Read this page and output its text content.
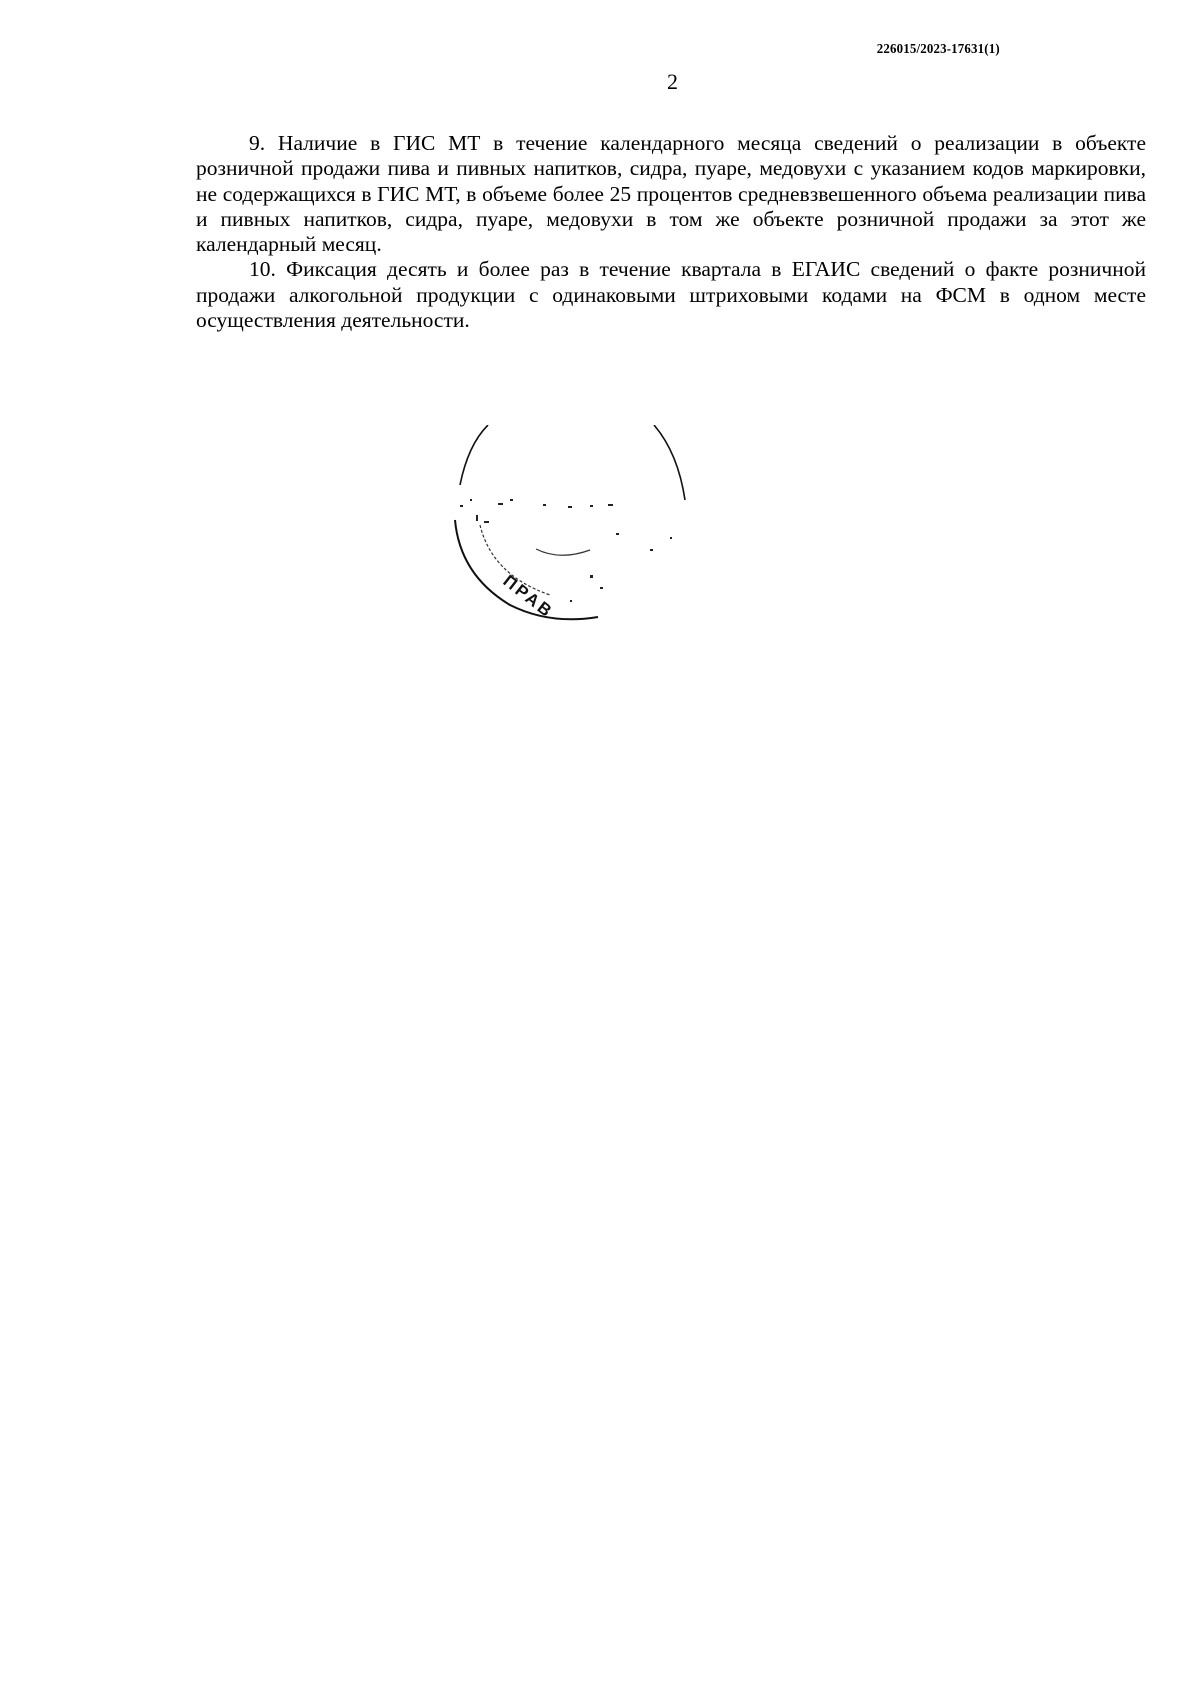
226015/2023-17631(1)
2

9. Наличие в ГИС МТ в течение календарного месяца сведений о реализации в объекте розничной продажи пива и пивных напитков, сидра, пуаре, медовухи с указанием кодов маркировки, не содержащихся в ГИС МТ, в объеме более 25 процентов средневзвешенного объема реализации пива и пивных напитков, сидра, пуаре, медовухи в том же объекте розничной продажи за этот же календарный месяц.

10. Фиксация десять и более раз в течение квартала в ЕГАИС сведений о факте розничной продажи алкогольной продукции с одинаковыми штриховыми кодами на ФСМ в одном месте осуществления деятельности.

ПРАВ
